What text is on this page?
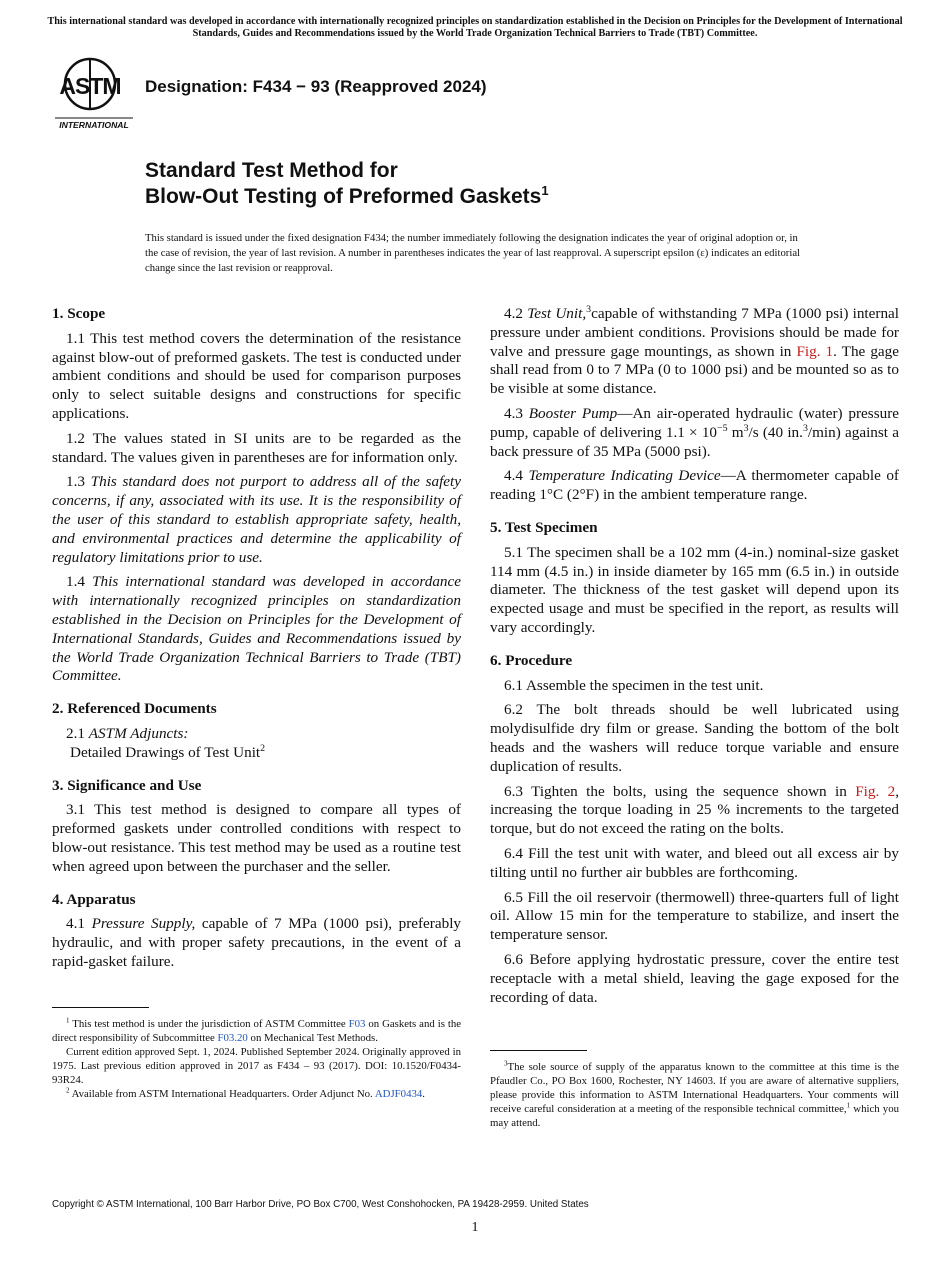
This international standard was developed in accordance with internationally recognized principles on standardization established in the Decision on Principles for the Development of International Standards, Guides and Recommendations issued by the World Trade Organization Technical Barriers to Trade (TBT) Committee.
ASTM
INTERNATIONAL
Designation: F434 − 93 (Reapproved 2024)
Standard Test Method for
Blow-Out Testing of Preformed Gaskets$^1$
This standard is issued under the fixed designation F434; the number immediately following the designation indicates the year of original adoption or, in the case of revision, the year of last revision. A number in parentheses indicates the year of last reapproval. A superscript epsilon (ε) indicates an editorial change since the last revision or reapproval.
1. Scope
1.1 This test method covers the determination of the resistance against blow-out of preformed gaskets. The test is conducted under ambient conditions and should be used for comparison purposes only to select suitable designs and constructions for specific applications.
1.2 The values stated in SI units are to be regarded as the standard. The values given in parentheses are for information only.
1.3 This standard does not purport to address all of the safety concerns, if any, associated with its use. It is the responsibility of the user of this standard to establish appropriate safety, health, and environmental practices and determine the applicability of regulatory limitations prior to use.
1.4 This international standard was developed in accordance with internationally recognized principles on standardization established in the Decision on Principles for the Development of International Standards, Guides and Recommendations issued by the World Trade Organization Technical Barriers to Trade (TBT) Committee.
2. Referenced Documents
2.1 ASTM Adjuncts:
Detailed Drawings of Test Unit$^2$
3. Significance and Use
3.1 This test method is designed to compare all types of preformed gaskets under controlled conditions with respect to blow-out resistance. This test method may be used as a routine test when agreed upon between the purchaser and the seller.
4. Apparatus
4.1 Pressure Supply, capable of 7 MPa (1000 psi), preferably hydraulic, and with proper safety precautions, in the event of a rapid-gasket failure.
$^1$ This test method is under the jurisdiction of ASTM Committee F03 on Gaskets and is the direct responsibility of Subcommittee F03.20 on Mechanical Test Methods.
Current edition approved Sept. 1, 2024. Published September 2024. Originally approved in 1975. Last previous edition approved in 2017 as F434 – 93 (2017). DOI: 10.1520/F0434-93R24.
$^2$ Available from ASTM International Headquarters. Order Adjunct No. ADJF0434.
4.2 Test Unit,$^3$capable of withstanding 7 MPa (1000 psi) internal pressure under ambient conditions. Provisions should be made for valve and pressure gage mountings, as shown in Fig. 1. The gage shall read from 0 to 7 MPa (0 to 1000 psi) and be mounted so as to be visible at some distance.
4.3 Booster Pump—An air-operated hydraulic (water) pressure pump, capable of delivering $1.1 \times 10^{-5}$ $m^3/s$ (40 in.$^3$/min) against a back pressure of 35 MPa (5000 psi).
4.4 Temperature Indicating Device—A thermometer capable of reading 1°C (2°F) in the ambient temperature range.
5. Test Specimen
5.1 The specimen shall be a 102 mm (4-in.) nominal-size gasket 114 mm (4.5 in.) in inside diameter by 165 mm (6.5 in.) in outside diameter. The thickness of the test gasket will depend upon its expected usage and must be specified in the report, as results will vary accordingly.
6. Procedure
6.1 Assemble the specimen in the test unit.
6.2 The bolt threads should be well lubricated using molydisulfide dry film or grease. Sanding the bottom of the bolt heads and the washers will reduce torque variable and ensure duplication of results.
6.3 Tighten the bolts, using the sequence shown in Fig. 2, increasing the torque loading in 25 % increments to the targeted torque, but do not exceed the rating on the bolts.
6.4 Fill the test unit with water, and bleed out all excess air by tilting until no further air bubbles are forthcoming.
6.5 Fill the oil reservoir (thermowell) three-quarters full of light oil. Allow 15 min for the temperature to stabilize, and insert the temperature sensor.
6.6 Before applying hydrostatic pressure, cover the entire test receptacle with a metal shield, leaving the gage exposed for the recording of data.
$^3$The sole source of supply of the apparatus known to the committee at this time is the Pfaudler Co., PO Box 1600, Rochester, NY 14603. If you are aware of alternative suppliers, please provide this information to ASTM International Headquarters. Your comments will receive careful consideration at a meeting of the responsible technical committee,$^1$ which you may attend.
Copyright © ASTM International, 100 Barr Harbor Drive, PO Box C700, West Conshohocken, PA 19428-2959. United States
1
